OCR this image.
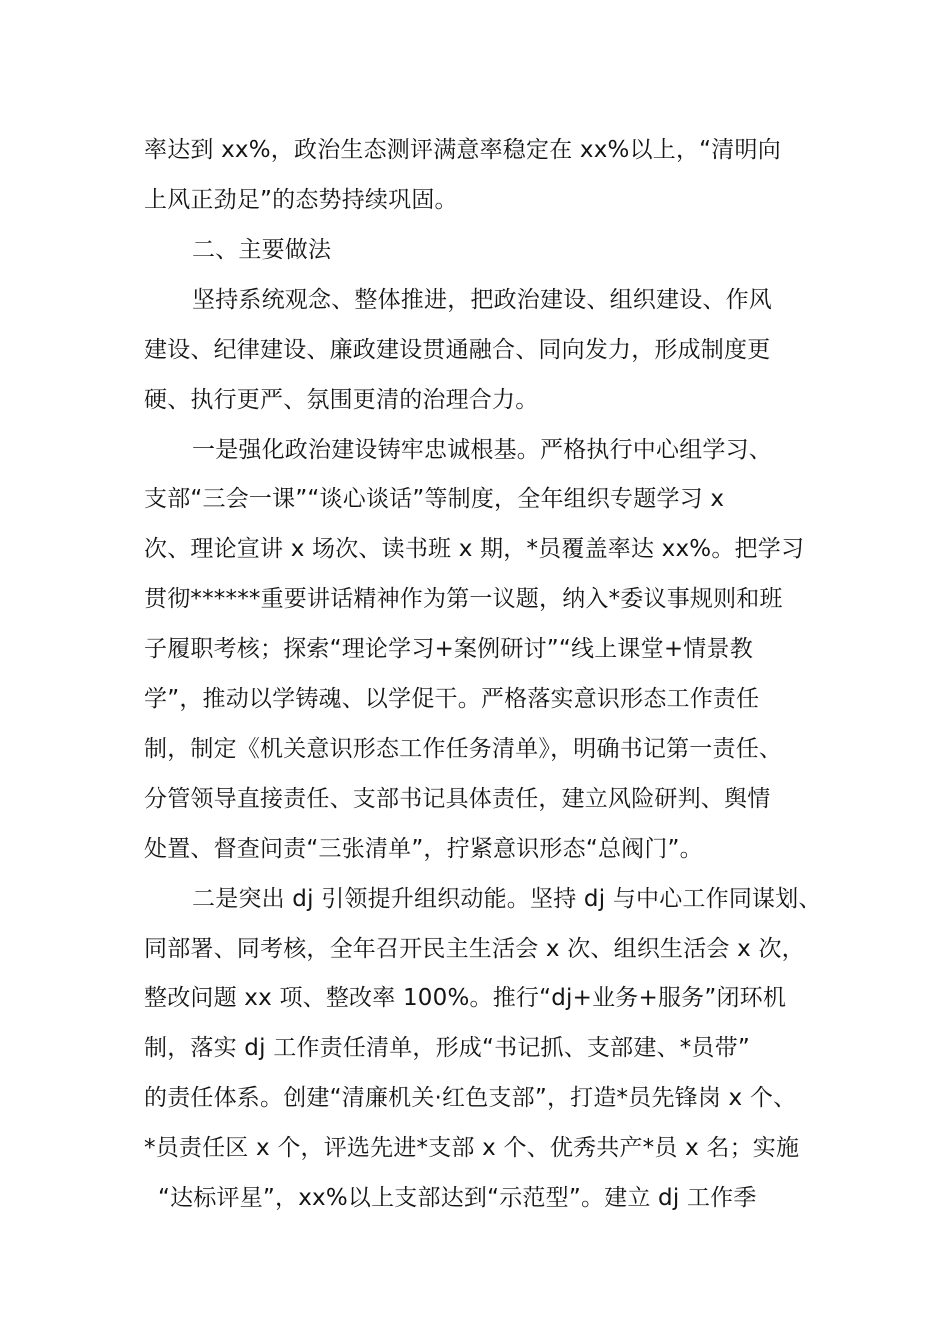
率达到 xx%，政治生态测评满意率稳定在 xx%以上，“清明向
上风正劲足”的态势持续巩固。
二、主要做法
坚持系统观念、整体推进，把政治建设、组织建设、作风
建设、纪律建设、廉政建设贯通融合、同向发力，形成制度更
硬、执行更严、氛围更清的治理合力。
一是强化政治建设铸牢忠诚根基。严格执行中心组学习、
支部“三会一课”“谈心谈话”等制度，全年组织专题学习 x
次、理论宣讲 x 场次、读书班 x 期，*员覆盖率达 xx%。把学习
贯彻******重要讲话精神作为第一议题，纳入*委议事规则和班
子履职考核；探索“理论学习+案例研讨”“线上课堂+情景教
学”，推动以学铸魂、以学促干。严格落实意识形态工作责任
制，制定《机关意识形态工作任务清单》，明确书记第一责任、
分管领导直接责任、支部书记具体责任，建立风险研判、舆情
处置、督查问责“三张清单”，拧紧意识形态“总阀门”。
二是突出 dj 引领提升组织动能。坚持 dj 与中心工作同谋划、
同部署、同考核，全年召开民主生活会 x 次、组织生活会 x 次，
整改问题 xx 项、整改率 100%。推行“dj+业务+服务”闭环机
制，落实 dj 工作责任清单，形成“书记抓、支部建、*员带”
的责任体系。创建“清廉机关·红色支部”，打造*员先锋岗 x 个、
*员责任区 x 个，评选先进*支部 x 个、优秀共产*员 x 名；实施
“达标评星”，xx%以上支部达到“示范型”。建立 dj 工作季
